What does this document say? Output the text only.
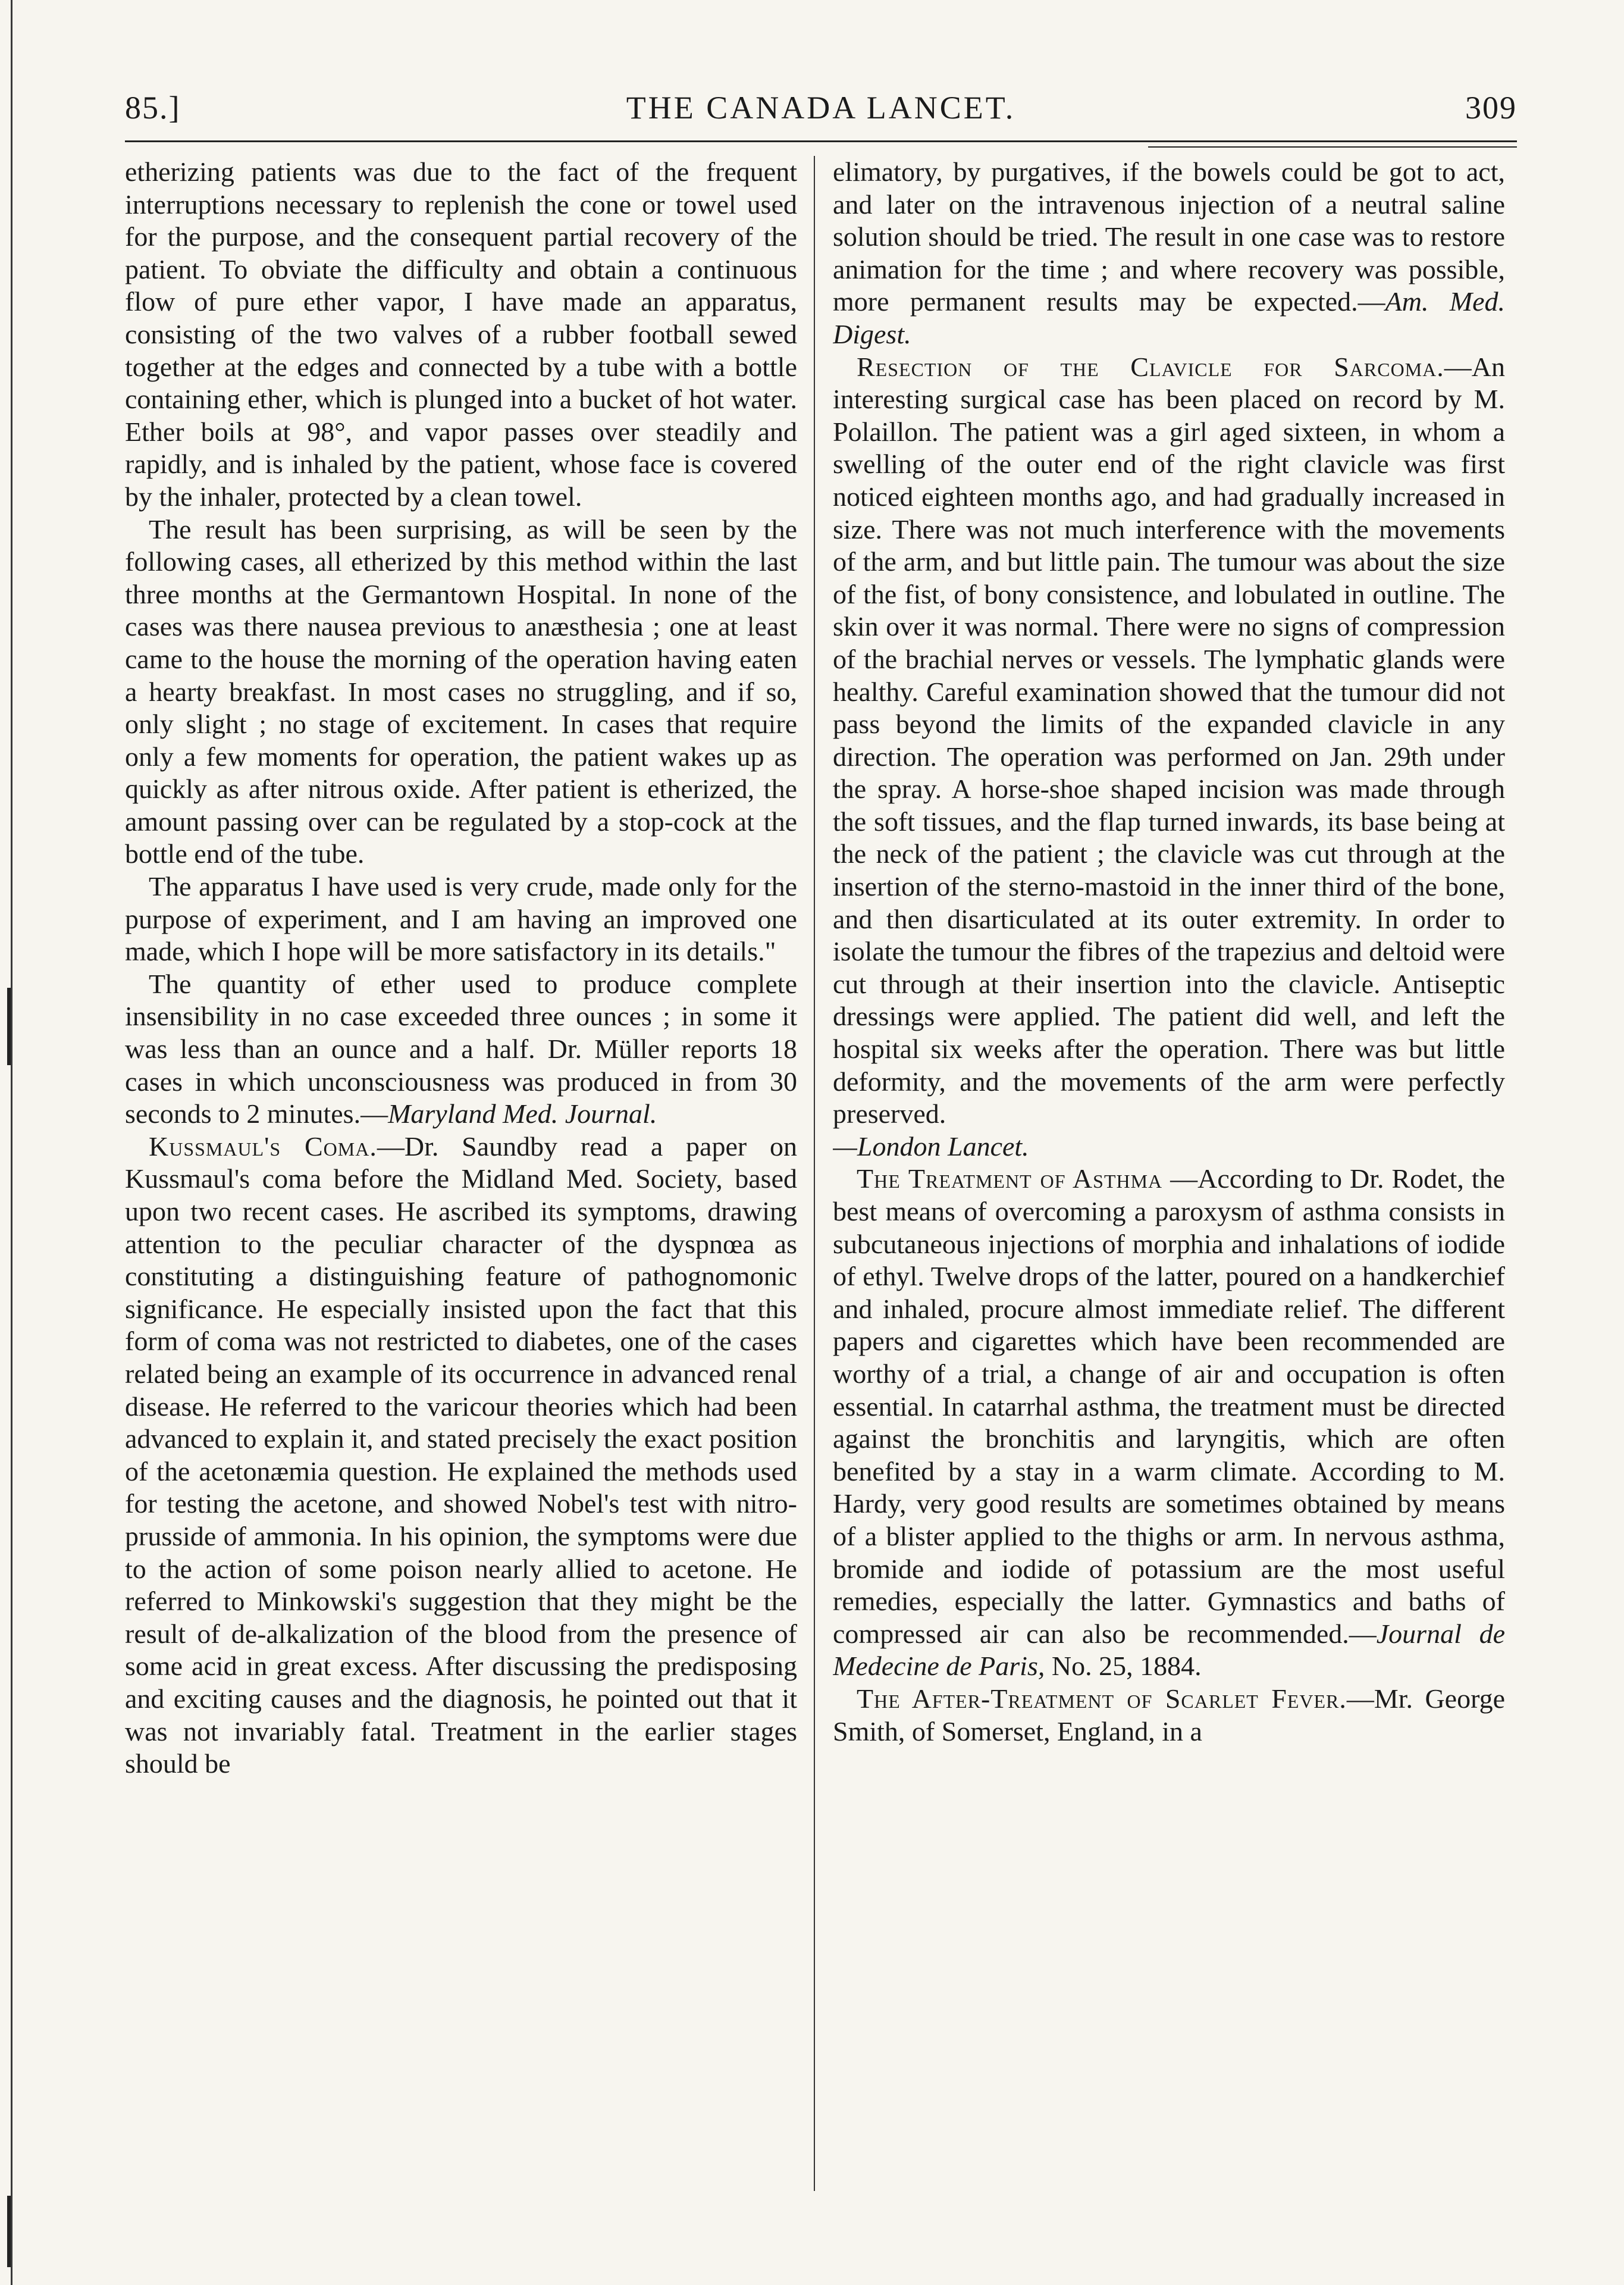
85.]	THE CANADA LANCET.	309

etherizing patients was due to the fact of the frequent interruptions necessary to replenish the cone or towel used for the purpose, and the consequent partial recovery of the patient. To obviate the difficulty and obtain a continuous flow of pure ether vapor, I have made an apparatus, consisting of the two valves of a rubber football sewed together at the edges and connected by a tube with a bottle containing ether, which is plunged into a bucket of hot water. Ether boils at 98°, and vapor passes over steadily and rapidly, and is inhaled by the patient, whose face is covered by the inhaler, protected by a clean towel.

The result has been surprising, as will be seen by the following cases, all etherized by this method within the last three months at the Germantown Hospital. In none of the cases was there nausea previous to anæsthesia ; one at least came to the house the morning of the operation having eaten a hearty breakfast. In most cases no struggling, and if so, only slight ; no stage of excitement. In cases that require only a few moments for operation, the patient wakes up as quickly as after nitrous oxide. After patient is etherized, the amount passing over can be regulated by a stop-cock at the bottle end of the tube.

The apparatus I have used is very crude, made only for the purpose of experiment, and I am having an improved one made, which I hope will be more satisfactory in its details."

The quantity of ether used to produce complete insensibility in no case exceeded three ounces ; in some it was less than an ounce and a half. Dr. Müller reports 18 cases in which unconsciousness was produced in from 30 seconds to 2 minutes.—Maryland Med. Journal.

Kussmaul's Coma.—Dr. Saundby read a paper on Kussmaul's coma before the Midland Med. Society, based upon two recent cases. He ascribed its symptoms, drawing attention to the peculiar character of the dyspnœa as constituting a distinguishing feature of pathognomonic significance. He especially insisted upon the fact that this form of coma was not restricted to diabetes, one of the cases related being an example of its occurrence in advanced renal disease. He referred to the varicour theories which had been advanced to explain it, and stated precisely the exact position of the acetonæmia question. He explained the methods used for testing the acetone, and showed Nobel's test with nitro-prusside of ammonia. In his opinion, the symptoms were due to the action of some poison nearly allied to acetone. He referred to Minkowski's suggestion that they might be the result of de-alkalization of the blood from the presence of some acid in great excess. After discussing the predisposing and exciting causes and the diagnosis, he pointed out that it was not invariably fatal. Treatment in the earlier stages should be

elimatory, by purgatives, if the bowels could be got to act, and later on the intravenous injection of a neutral saline solution should be tried. The result in one case was to restore animation for the time ; and where recovery was possible, more permanent results may be expected.—Am. Med. Digest.

Resection of the Clavicle for Sarcoma.—An interesting surgical case has been placed on record by M. Polaillon. The patient was a girl aged sixteen, in whom a swelling of the outer end of the right clavicle was first noticed eighteen months ago, and had gradually increased in size. There was not much interference with the movements of the arm, and but little pain. The tumour was about the size of the fist, of bony consistence, and lobulated in outline. The skin over it was normal. There were no signs of compression of the brachial nerves or vessels. The lymphatic glands were healthy. Careful examination showed that the tumour did not pass beyond the limits of the expanded clavicle in any direction. The operation was performed on Jan. 29th under the spray. A horse-shoe shaped incision was made through the soft tissues, and the flap turned inwards, its base being at the neck of the patient ; the clavicle was cut through at the insertion of the sterno-mastoid in the inner third of the bone, and then disarticulated at its outer extremity. In order to isolate the tumour the fibres of the trapezius and deltoid were cut through at their insertion into the clavicle. Antiseptic dressings were applied. The patient did well, and left the hospital six weeks after the operation. There was but little deformity, and the movements of the arm were perfectly preserved.

—London Lancet.

The Treatment of Asthma —According to Dr. Rodet, the best means of overcoming a paroxysm of asthma consists in subcutaneous injections of morphia and inhalations of iodide of ethyl. Twelve drops of the latter, poured on a handkerchief and inhaled, procure almost immediate relief. The different papers and cigarettes which have been recommended are worthy of a trial, a change of air and occupation is often essential. In catarrhal asthma, the treatment must be directed against the bronchitis and laryngitis, which are often benefited by a stay in a warm climate. According to M. Hardy, very good results are sometimes obtained by means of a blister applied to the thighs or arm. In nervous asthma, bromide and iodide of potassium are the most useful remedies, especially the latter. Gymnastics and baths of compressed air can also be recommended.—Journal de Medecine de Paris, No. 25, 1884.

The After-Treatment of Scarlet Fever.—Mr. George Smith, of Somerset, England, in a
